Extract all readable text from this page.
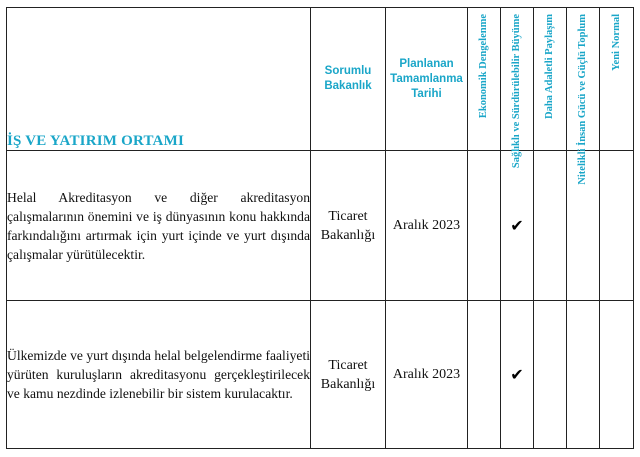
İŞ VE YATIRIM ORTAMI	Sorumlu Bakanlık	Planlanan Tamamlanma Tarihi	Ekonomik Dengelenme	Sağlıklı ve Sürdürülebilir Büyüme	Daha Adaletli Paylaşım	Nitelikli İnsan Gücü ve Güçlü Toplum	Yeni Normal

Helal Akreditasyon ve diğer akreditasyon çalışmalarının önemini ve iş dünyasının konu hakkında farkındalığını artırmak için yurt içinde ve yurt dışında çalışmalar yürütülecektir.	Ticaret Bakanlığı	Aralık 2023		✔			
Ülkemizde ve yurt dışında helal belgelendirme faaliyeti yürüten kuruluşların akreditasyonu gerçekleştirilecek ve kamu nezdinde izlenebilir bir sistem kurulacaktır.	Ticaret Bakanlığı	Aralık 2023		✔			
